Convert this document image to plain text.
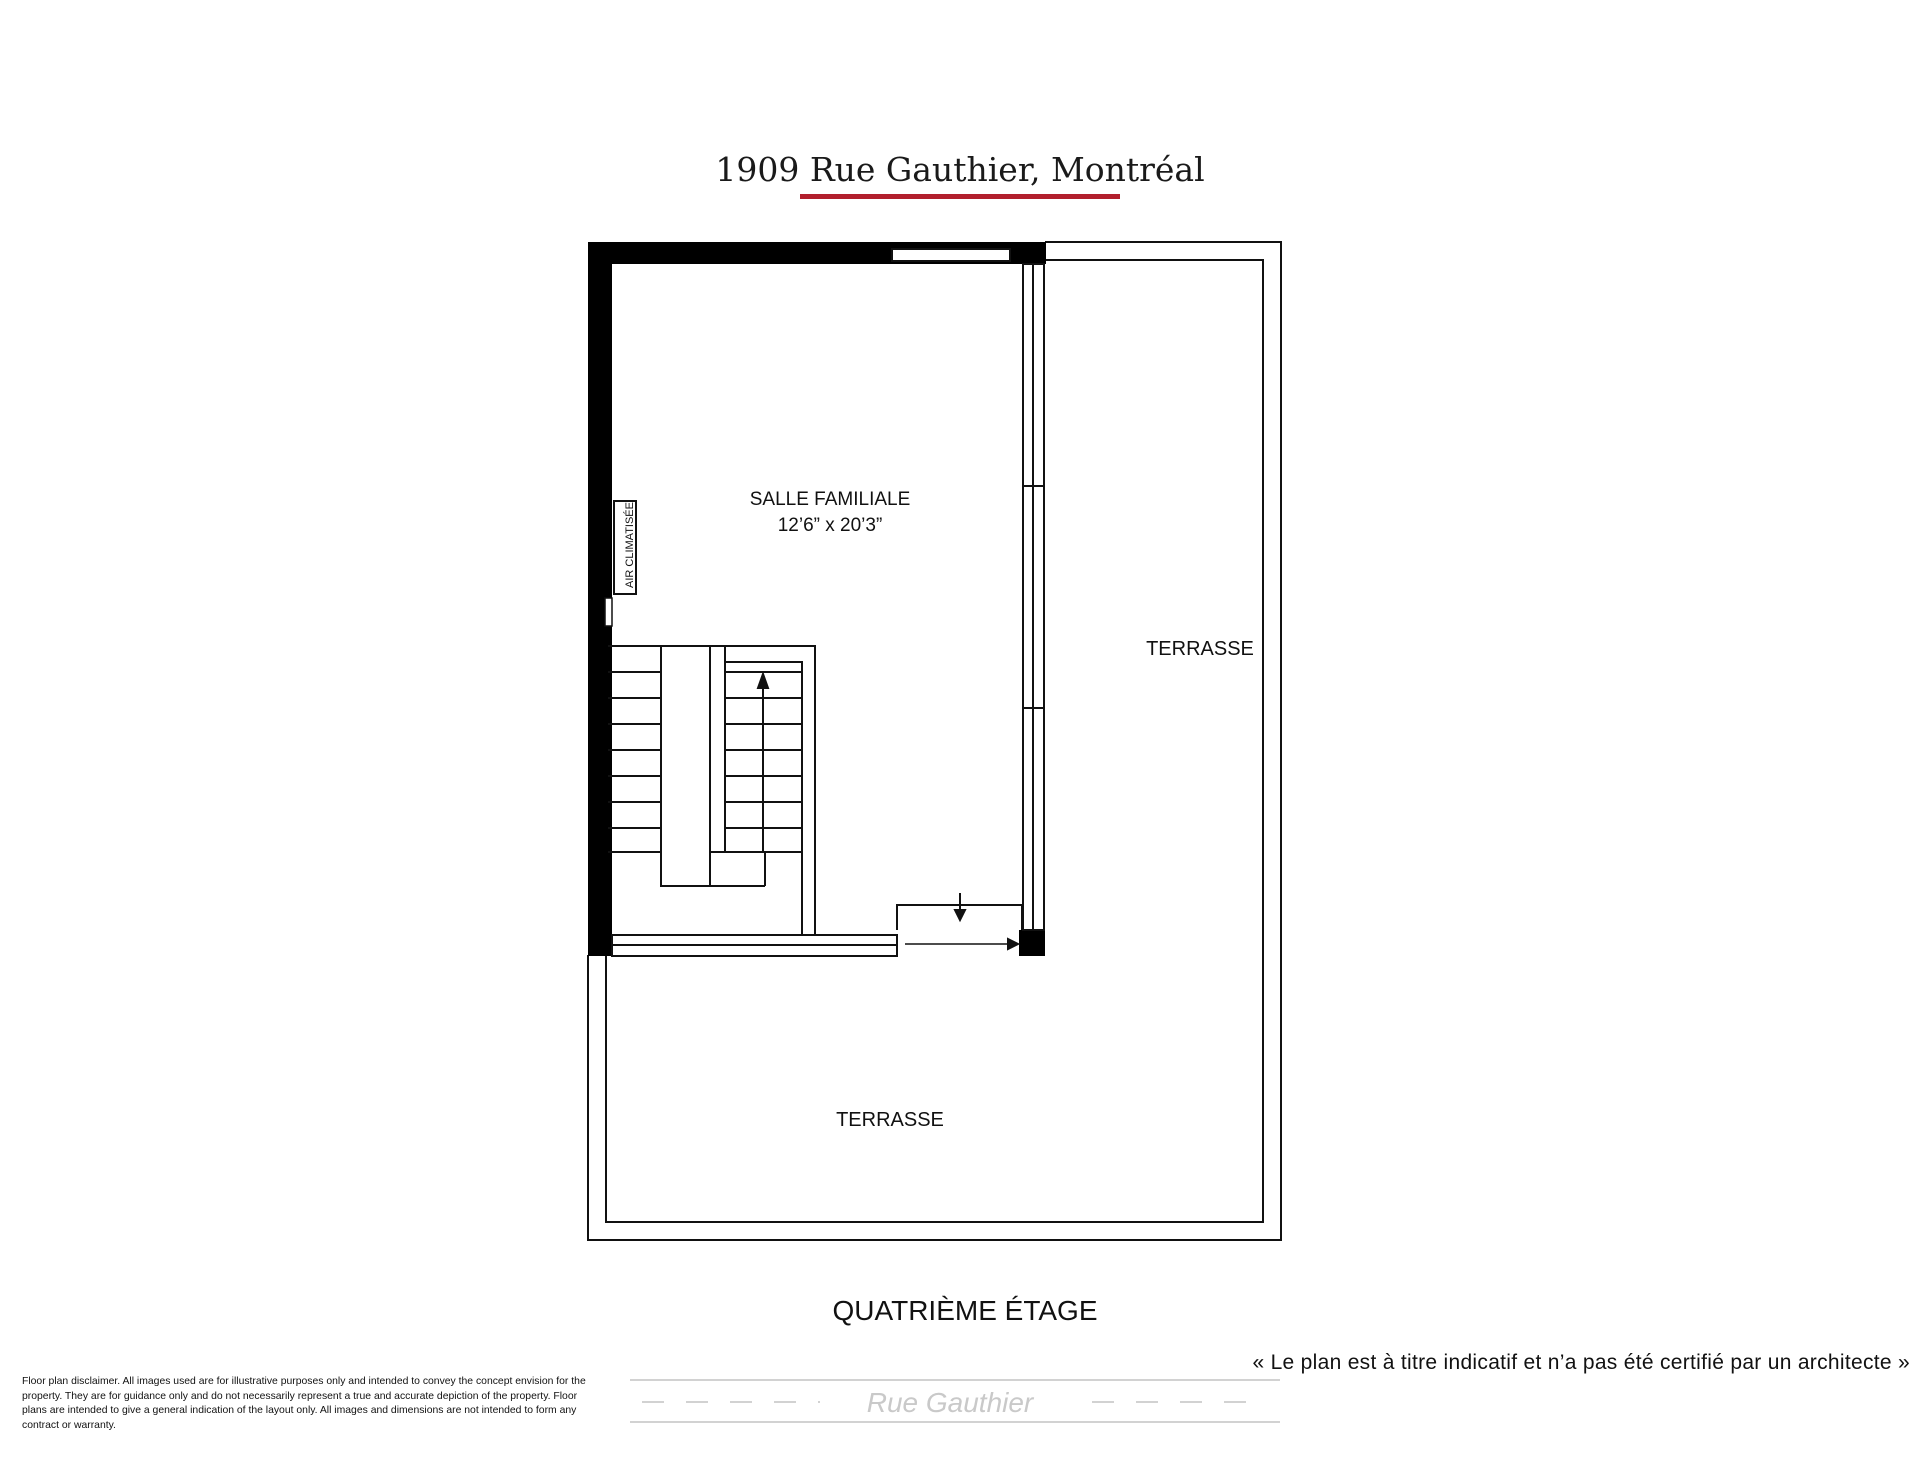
1909 Rue Gauthier, Montréal
SALLE FAMILIALE
12’6” x 20’3”
TERRASSE
TERRASSE
AIR CLIMATISÉE
QUATRIÈME ÉTAGE
« Le plan est à titre indicatif et n’a pas été certifié par un architecte »
Floor plan disclaimer. All images used are for illustrative purposes only and intended to convey the concept envision for the property. They are for guidance only and do not necessarily represent a true and accurate depiction of the property. Floor plans are intended to give a general indication of the layout only. All images and dimensions are not intended to form any contract or warranty.
Rue Gauthier
